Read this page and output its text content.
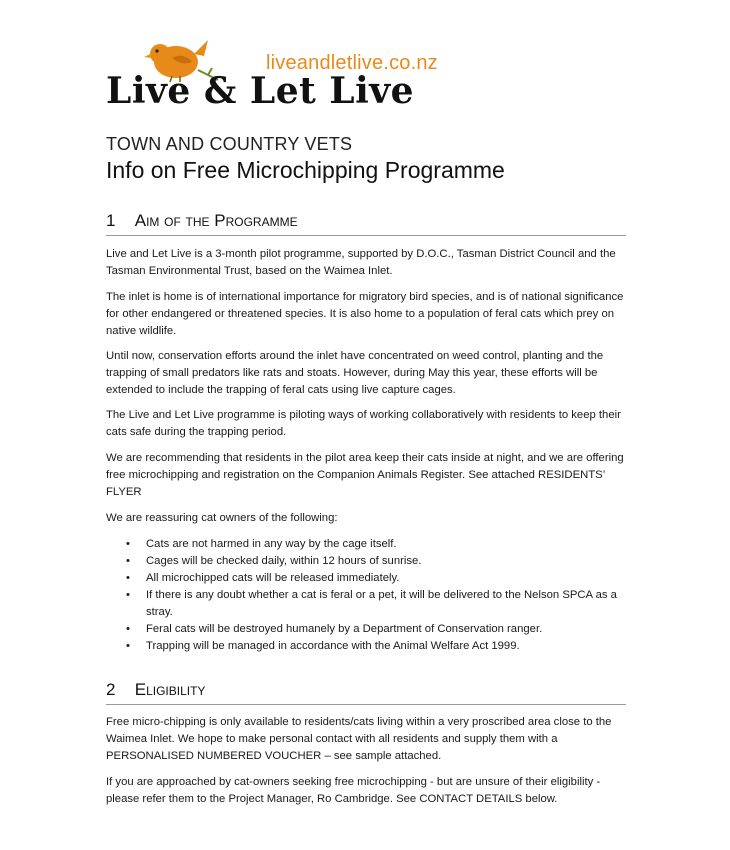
liveandletlive.co.nz
Live & Let Live
TOWN AND COUNTRY VETS
Info on Free Microchipping Programme
1 Aim of the Programme
Live and Let Live is a 3-month pilot programme, supported by D.O.C., Tasman District Council and the Tasman Environmental Trust, based on the Waimea Inlet.
The inlet is home is of international importance for migratory bird species, and is of national significance for other endangered or threatened species. It is also home to a population of feral cats which prey on native wildlife.
Until now, conservation efforts around the inlet have concentrated on weed control, planting and the trapping of small predators like rats and stoats. However, during May this year, these efforts will be extended to include the trapping of feral cats using live capture cages.
The Live and Let Live programme is piloting ways of working collaboratively with residents to keep their cats safe during the trapping period.
We are recommending that residents in the pilot area keep their cats inside at night, and we are offering free microchipping and registration on the Companion Animals Register. See attached RESIDENTS’ FLYER
We are reassuring cat owners of the following:
• Cats are not harmed in any way by the cage itself.
• Cages will be checked daily, within 12 hours of sunrise.
• All microchipped cats will be released immediately.
• If there is any doubt whether a cat is feral or a pet, it will be delivered to the Nelson SPCA as a stray.
• Feral cats will be destroyed humanely by a Department of Conservation ranger.
• Trapping will be managed in accordance with the Animal Welfare Act 1999.
2 Eligibility
Free micro-chipping is only available to residents/cats living within a very proscribed area close to the Waimea Inlet. We hope to make personal contact with all residents and supply them with a PERSONALISED NUMBERED VOUCHER – see sample attached.
If you are approached by cat-owners seeking free microchipping - but are unsure of their eligibility - please refer them to the Project Manager, Ro Cambridge. See CONTACT DETAILS below.
